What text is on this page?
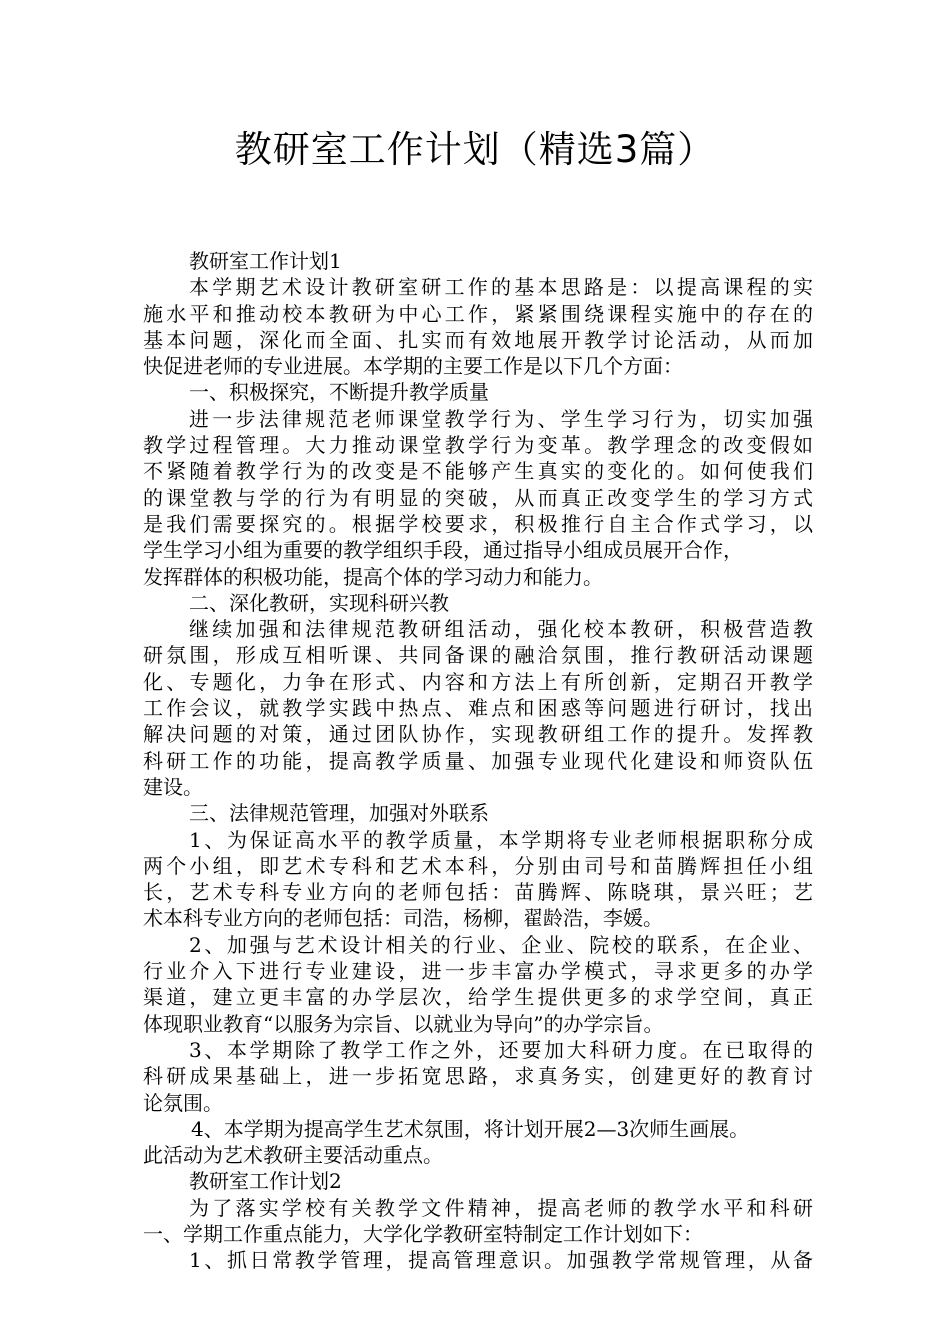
教研室工作计划（精选3篇）
教研室工作计划1
本学期艺术设计教研室研工作的基本思路是：以提高课程的实
施水平和推动校本教研为中心工作，紧紧围绕课程实施中的存在的
基本问题，深化而全面、扎实而有效地展开教学讨论活动，从而加
快促进老师的专业进展。本学期的主要工作是以下几个方面：
一、积极探究，不断提升教学质量
进一步法律规范老师课堂教学行为、学生学习行为，切实加强
教学过程管理。大力推动课堂教学行为变革。教学理念的改变假如
不紧随着教学行为的改变是不能够产生真实的变化的。如何使我们
的课堂教与学的行为有明显的突破，从而真正改变学生的学习方式
是我们需要探究的。根据学校要求，积极推行自主合作式学习，以
学生学习小组为重要的教学组织手段，通过指导小组成员展开合作，
发挥群体的积极功能，提高个体的学习动力和能力。
二、深化教研，实现科研兴教
继续加强和法律规范教研组活动，强化校本教研，积极营造教
研氛围，形成互相听课、共同备课的融洽氛围，推行教研活动课题
化、专题化，力争在形式、内容和方法上有所创新，定期召开教学
工作会议，就教学实践中热点、难点和困惑等问题进行研讨，找出
解决问题的对策，通过团队协作，实现教研组工作的提升。发挥教
科研工作的功能，提高教学质量、加强专业现代化建设和师资队伍
建设。
三、法律规范管理，加强对外联系
1、为保证高水平的教学质量，本学期将专业老师根据职称分成
两个小组，即艺术专科和艺术本科，分别由司号和苗腾辉担任小组
长，艺术专科专业方向的老师包括：苗腾辉、陈晓琪，景兴旺；艺
术本科专业方向的老师包括：司浩，杨柳，翟龄浩，李媛。
2、加强与艺术设计相关的行业、企业、院校的联系，在企业、
行业介入下进行专业建设，进一步丰富办学模式，寻求更多的办学
渠道，建立更丰富的办学层次，给学生提供更多的求学空间，真正
体现职业教育“以服务为宗旨、以就业为导向”的办学宗旨。
3、本学期除了教学工作之外，还要加大科研力度。在已取得的
科研成果基础上，进一步拓宽思路，求真务实，创建更好的教育讨
论氛围。
4、本学期为提高学生艺术氛围，将计划开展2—3次师生画展。
此活动为艺术教研主要活动重点。
教研室工作计划2
为了落实学校有关教学文件精神，提高老师的教学水平和科研
一、学期工作重点能力，大学化学教研室特制定工作计划如下：
1、抓日常教学管理，提高管理意识。加强教学常规管理，从备
